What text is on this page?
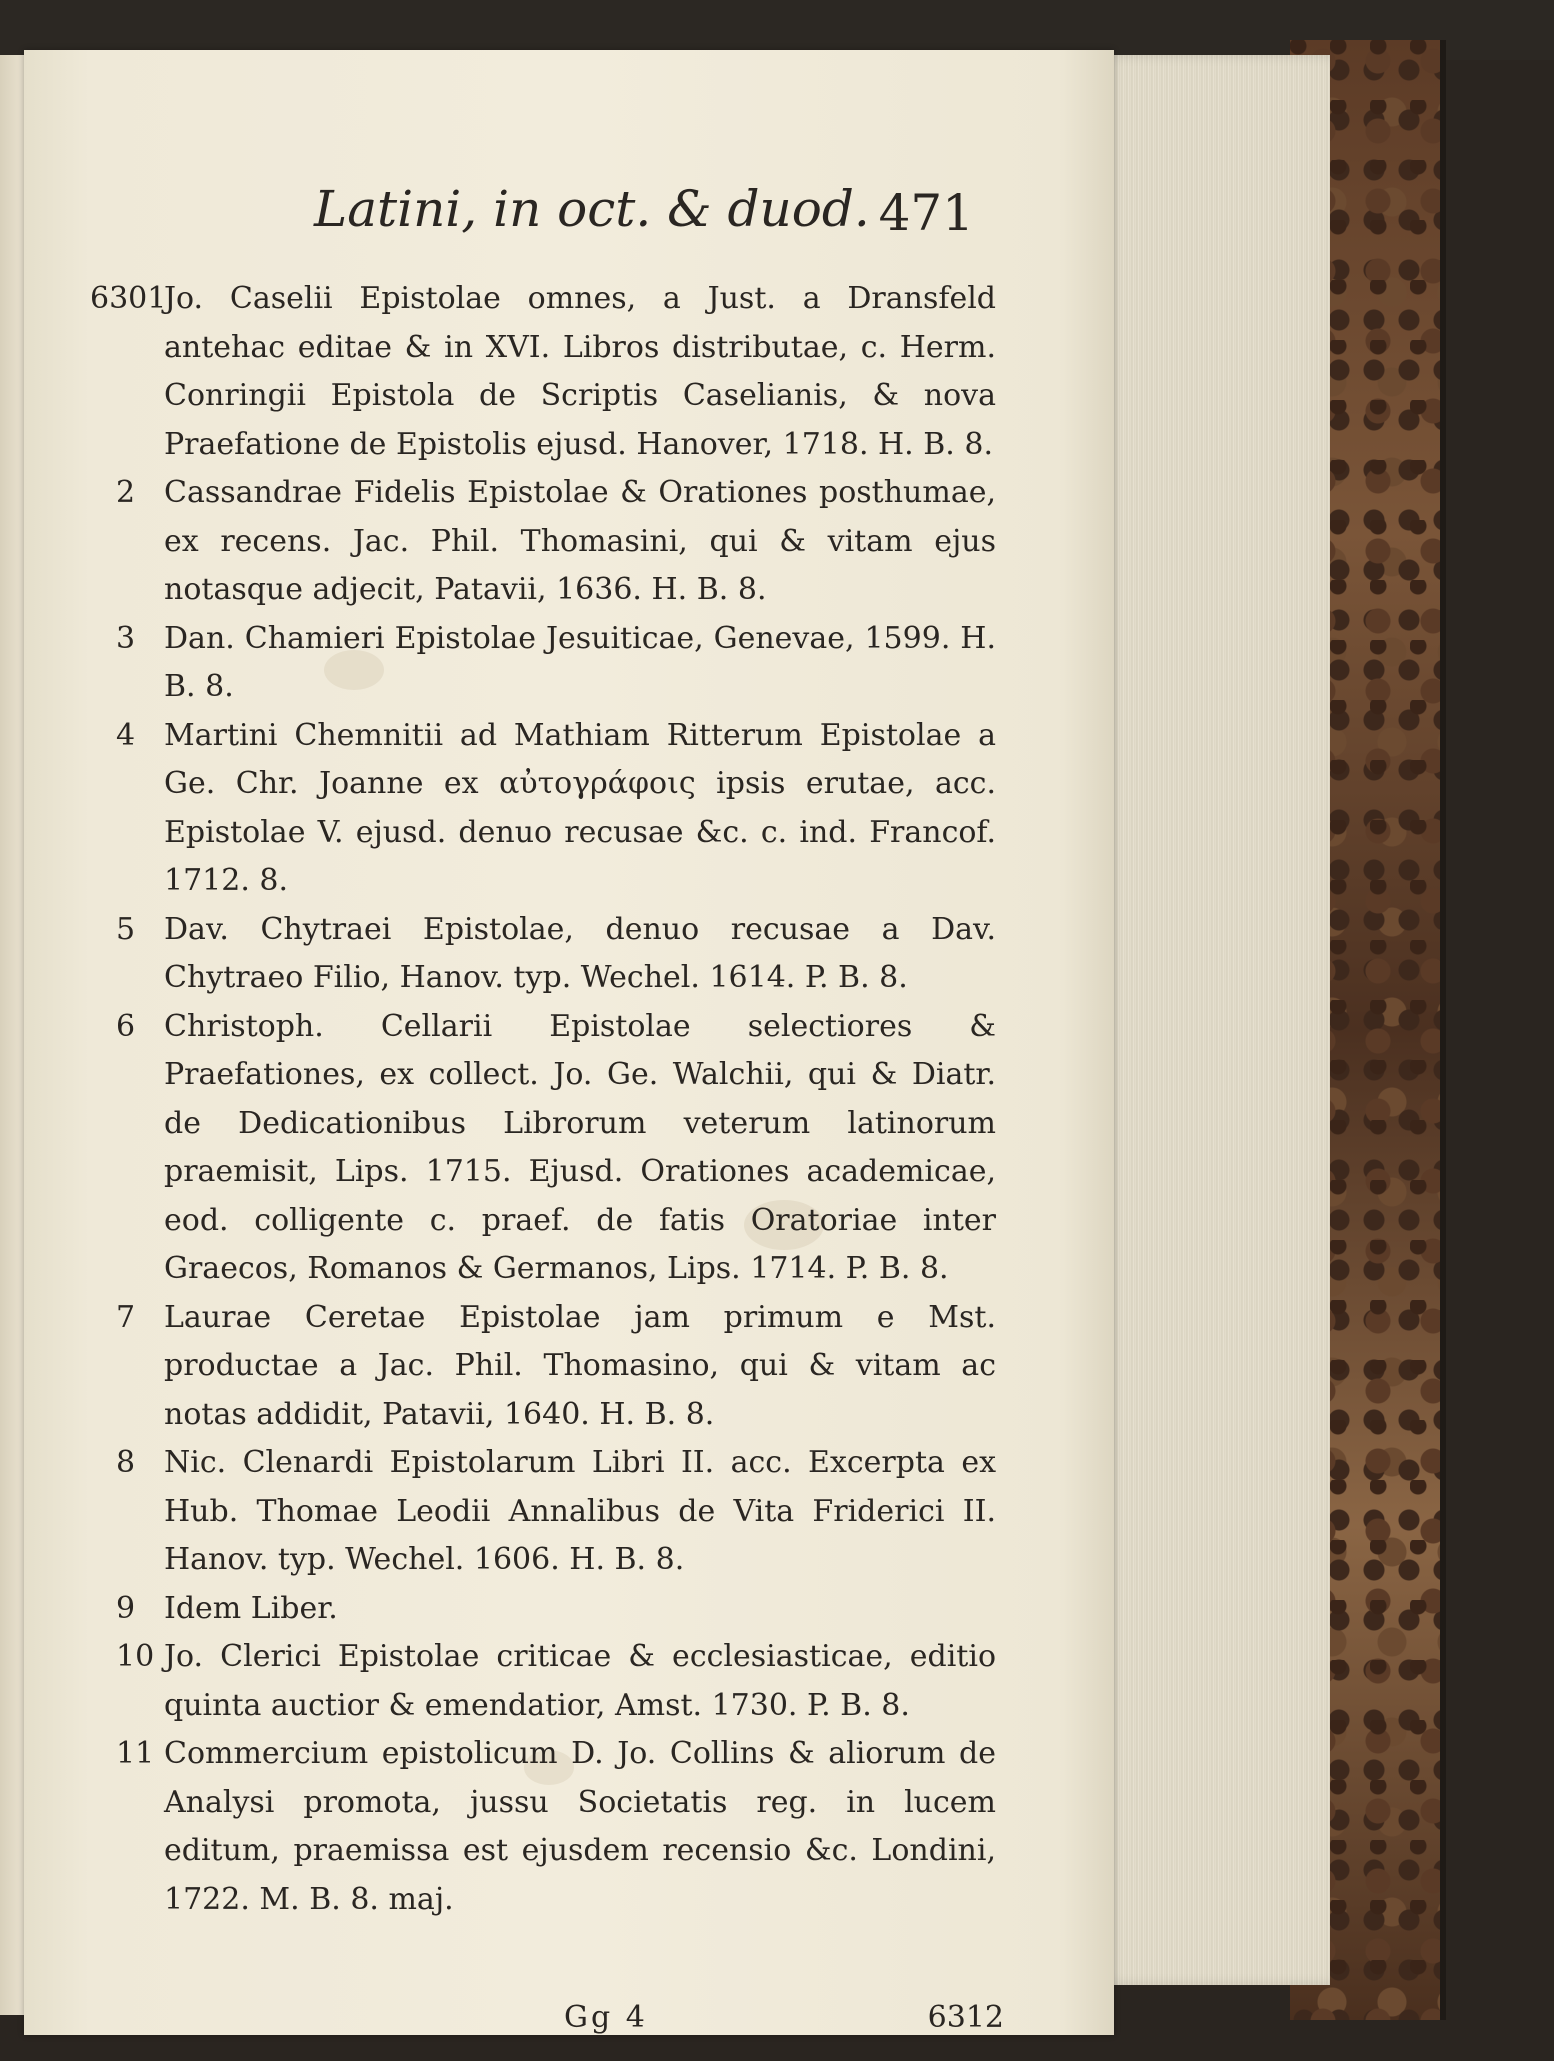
Latini, in oct. & duod. 471

6301
Jo. Caselii Epistolae omnes, a Just. a Dransfeld antehac editae & in XVI. Libros distributae, c. Herm. Conringii Epistola de Scriptis Caselianis, & nova Praefatione de Epistolis ejusd. Hanover, 1718. H. B. 8.

2 Cassandrae Fidelis Epistolae & Orationes posthumae, ex recens. Jac. Phil. Thomasini, qui & vitam ejus notasque adjecit, Patavii, 1636. H. B. 8.

3 Dan. Chamieri Epistolae Jesuiticae, Genevae, 1599. H. B. 8.

4 Martini Chemnitii ad Mathiam Ritterum Epistolae a Ge. Chr. Joanne ex αὐτογράφοις ipsis erutae, acc. Epistolae V. ejusd. denuo recusae &c. c. ind. Francof. 1712. 8.

5 Dav. Chytraei Epistolae, denuo recusae a Dav. Chytraeo Filio, Hanov. typ. Wechel. 1614. P. B. 8.

6 Christoph. Cellarii Epistolae selectiores & Praefationes, ex collect. Jo. Ge. Walchii, qui & Diatr. de Dedicationibus Librorum veterum latinorum praemisit, Lips. 1715. Ejusd. Orationes academicae, eod. colligente c. praef. de fatis Oratoriae inter Graecos, Romanos & Germanos, Lips. 1714. P. B. 8.

7 Laurae Ceretae Epistolae jam primum e Mst. productae a Jac. Phil. Thomasino, qui & vitam ac notas addidit, Patavii, 1640. H. B. 8.

8 Nic. Clenardi Epistolarum Libri II. acc. Excerpta ex Hub. Thomae Leodii Annalibus de Vita Friderici II. Hanov. typ. Wechel. 1606. H. B. 8.

9 Idem Liber.

10 Jo. Clerici Epistolae criticae & ecclesiasticae, editio quinta auctior & emendatior, Amst. 1730. P. B. 8.

11 Commercium epistolicum D. Jo. Collins & aliorum de Analysi promota, jussu Societatis reg. in lucem editum, praemissa est ejusdem recensio &c. Londini, 1722. M. B. 8. maj.

Gg 4	6312
